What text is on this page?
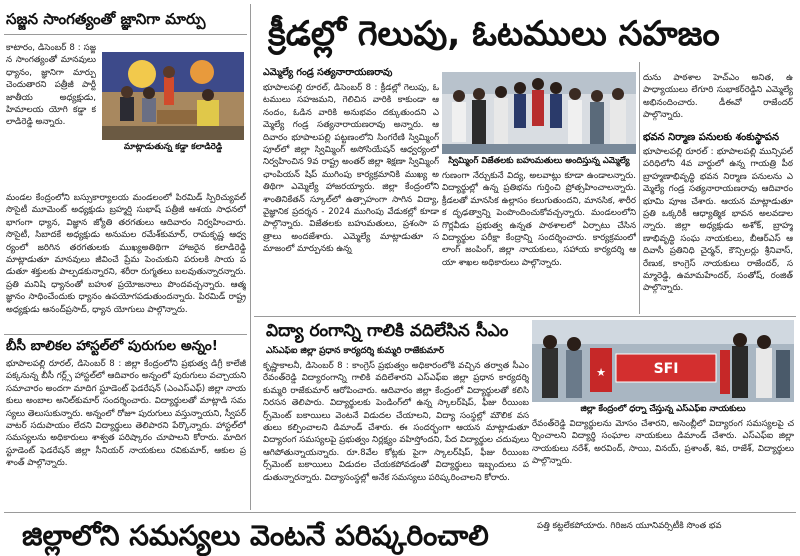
సజ్జన సాంగత్యంతో జ్ఞానిగా మార్పు
కాటారం, డిసెంబర్ 8 : సజ్జన సాంగత్యంతో మానవులు ధ్యానం, జ్ఞానిగా మార్పు చెందుతారని పత్రీజీ పార్టీ జాతీయ అధ్యక్షుడు, హిమాలయ యోగి కడ్డా కలాడిరెడ్డి అన్నారు.
మాట్లాడుతున్న కడ్డా కలాడిరెడ్డి
మండల కేంద్రంలోని బస్సుకార్యాలయ మండలంలో పిరమిడ్ స్పిరిచ్యువల్ సొసైటీ మూమెంట్ అధ్యక్షుడు బ్రహ్మర్షి సుభాష్ పత్రీజీ ఆశయ సాధనలో భాగంగా ధ్యాన, విజ్ఞాన జ్యోతి తరగతులు ఆదివారం నిర్వహించారు. సొసైటీ, సిబాదకే అధ్యక్షుడు అనుమల రమేశ్‌కుమార్, రామకృష్ణ ఆధ్వర్యంలో జరిగిన తరగతులకు ముఖ్యఅతిథిగా హాజరైన కలాడిరెడ్డి మాట్లాడుతూ మానవులు జీవించే ప్రేమ పెంచుకుని పరులకి సాయ పడుతూ శక్తులకు పాల్పడకున్నారని, శరీరా రుగ్మతలు బలవుతున్నారన్నారు. ప్రతి మనిషి ధ్యానంతో బహుళ ప్రయోజనాలు పొందవచ్చన్నారు. ఆత్మజ్ఞానం సాధించేందుకు ధ్యానం ఉపయోగపడుతుందన్నారు. పిరమిడ్ రాష్ట్ర అధ్యక్షుడు ఆనంద్‌ప్రసాద్, ధ్యాన యోగులు పాల్గొన్నారు.
బీసీ బాలికల హాస్టల్‌లో పురుగుల అన్నం!
భూపాలపల్లి రూరల్, డిసెంబర్ 8 : జిల్లా కేంద్రంలోని ప్రభుత్వ డిగ్రీ కాలేజీ పక్కనున్న బీసీ గర్ల్స్ హాస్టల్‌లో ఆదివారం అన్నంలో పురుగులు వచ్చాయని సమాచారం అందగా మాదిగ స్టూడెంట్ ఫెడరేషన్ (ఎంఎస్‌ఎఫ్) జిల్లా నాయకులు అంబాల అనిల్‌కుమార్ సందర్శించారు. విద్యార్థులతో మాట్లాడి సమస్యలు తెలుసుకున్నారు. అన్నంలో రోజూ పురుగులు వస్తున్నాయని, స్వీపర్ వాటర్ సదుపాయం లేదని విద్యార్థులు తెలిపారని పేర్కొన్నారు. హాస్టల్‌లో సమస్యలను అధికారులు శాశ్వత పరిష్కారం చూపాలని కోరారు. మాదిగ స్టూడెంట్ ఫెడరేషన్ జిల్లా సీనియర్ నాయకులు రవికుమార్, ఆకుల ప్రశాంత్ పాల్గొన్నారు.
క్రీడల్లో గెలుపు, ఓటములు సహజం
ఎమ్మెల్యే గండ్ర సత్యనారాయణరావు
భూపాలపల్లి రూరల్, డిసెంబర్ 8 : క్రీడల్లో గెలుపు, ఓటములు సహజమని, గెలిచిన వారికి కాకుండా ఆనందం, ఓడిన వారికి అనుభవం దక్కుతుందని ఎమ్మెల్యే గండ్ర సత్యనారాయణరావు అన్నారు. ఆదివారం భూపాలపల్లి పట్టణంలోని సింగరేణి స్విమ్మింగ్ పూల్‌లో జిల్లా స్విమ్మింగ్ అసోసియేషన్ ఆధ్వర్యంలో నిర్వహించిన 9వ రాష్ట్ర అంతర్ జిల్లా శిక్షణా స్విమ్మింగ్ ఛాంపియన్ షిప్ ముగింపు కార్యక్రమానికి ముఖ్య అతిథిగా ఎమ్మెల్యే హాజరయ్యారు. జిల్లా కేంద్రంలోని శాంతినికేతన్ స్కూల్‌లో ఉత్సాహంగా సాగిన విద్యా, వైజ్ఞానిక ప్రదర్శన - 2024 ముగింపు వేడుకల్లో కూడా పాల్గొన్నారు. విజేతలకు బహుమతులు, ప్రశంసా పత్రాలు అందజేశారు. ఎమ్మెల్యే మాట్లాడుతూ సమాజంలో మార్పునకు ఉన్న
స్విమ్మింగ్ విజేతలకు బహుమతులు అందిస్తున్న ఎమ్మెల్యే
గుణంగా నేర్చుకునే విద్య, అలవాట్లు కూడా ఉండాలన్నారు. విద్యార్థుల్లో ఉన్న ప్రతిభను గుర్తించి ప్రోత్సహించాలన్నారు. క్రీడలతో మానసిక ఉల్లాసం కలుగుతుందని, మానసిక, శారీరక దృఢత్వాన్ని పెంపొందించుకోవచ్చన్నారు. మండలంలోని గొర్లవీడు ప్రభుత్వ ఉన్నత పాఠశాలలో ఏర్పాటు చేసిన విద్యార్థుల పరీక్షా కేంద్రాన్ని సందర్శించారు. కార్యక్రమంలో లాంగ్ జంపింగ్, జిల్లా నాయకులు, సహాయ కార్యదర్శి ఆయా శాఖల అధికారులు పాల్గొన్నారు.
దును పాఠశాల హెచ్ఎం అనిత, ఉపాధ్యాయులు లేగూరి సుభాకర్‌రెడ్డిని ఎమ్మెల్యే అభినందించారు. డీఈవో రాజేందర్ పాల్గొన్నారు.
భవన నిర్మాణ పనులకు శంకుస్థాపన
భూపాలపల్లి రూరల్ : భూపాలపల్లి మున్సిపల్ పరిధిలోని 4వ వార్డులో ఉన్న గాయత్రి పీఠ బ్రాహ్మణాభివృద్ధి భవన నిర్మాణ పనులను ఎమ్మెల్యే గండ్ర సత్యనారాయణరావు ఆదివారం భూమి పూజ చేశారు. ఆయన మాట్లాడుతూ ప్రతి ఒక్కరికీ ఆధ్యాత్మిక భావన అలవడాలన్నారు. జిల్లా అధ్యక్షుడు అశోక్, బ్రాహ్మణాభివృద్ధి సంఘ నాయకులు, బీఆర్ఎస్ ఆదివాసీ ప్రతినిధి చైర్మన్, కౌన్సిలర్లు శ్రీనివాస్, రేణుక, కాంగ్రెస్ నాయకులు రాజేందర్, సమ్మారెడ్డి, ఉమామహేందర్, సంతోష్, రంజిత్ పాల్గొన్నారు.
విద్యా రంగాన్ని గాలికి వదిలేసిన సీఎం
ఎస్ఎఫ్ఐ జిల్లా ప్రధాన కార్యదర్శి కుమ్మరి రాజేకుమార్
కృష్ణాకాలనీ, డిసెంబర్ 8 : కాంగ్రెస్ ప్రభుత్వం అధికారంలోకి వచ్చిన తర్వాత సీఎం రేవంత్‌రెడ్డి విద్యారంగాన్ని గాలికి వదిలేశారని ఎస్ఎఫ్ఐ జిల్లా ప్రధాన కార్యదర్శి కుమ్మరి రాజేకుమార్ ఆరోపించారు. ఆదివారం జిల్లా కేంద్రంలో విద్యార్థులతో కలిసి నిరసన తెలిపారు. విద్యార్థులకు పెండింగ్‌లో ఉన్న స్కాలర్‌షిప్, ఫీజు రీయింబర్స్‌మెంట్ బకాయిలు వెంటనే విడుదల చేయాలని, విద్యా సంస్థల్లో మౌలిక వసతులు కల్పించాలని డిమాండ్ చేశారు. ఈ సందర్భంగా ఆయన మాట్లాడుతూ విద్యారంగ సమస్యలపై ప్రభుత్వం నిర్లక్ష్యం వహిస్తోందని, పేద విద్యార్థుల చదువులు ఆగిపోతున్నాయన్నారు. రూ.8వేల కోట్లకు పైగా స్కాలర్‌షిప్, ఫీజు రీయింబర్స్‌మెంట్ బకాయిలు విడుదల చేయకపోవడంతో విద్యార్థులు ఇబ్బందులు పడుతున్నారన్నారు. విద్యాసంస్థల్లో అనేక సమస్యలు పరిష్కరించాలని కోరారు.
SFI
★
జిల్లా కేంద్రంలో ధర్నా చేస్తున్న ఎస్ఎఫ్ఐ నాయకులు
రేవంత్‌రెడ్డి విద్యార్థులను మోసం చేశారని, అసెంబ్లీలో విద్యారంగ సమస్యలపై చర్చించాలని విద్యార్థి సంఘాల నాయకులు డిమాండ్ చేశారు. ఎస్ఎఫ్ఐ జిల్లా నాయకులు నరేశ్, అరవింద్, సాయి, వినయ్, ప్రశాంత్, శివ, రాజేశ్, విద్యార్థులు పాల్గొన్నారు.
జిల్లాలోని సమస్యలు వెంటనే పరిష్కరించాలి	పత్తి కట్టలేకపోయారు. గిరిజన యూనివర్సిటీకి సొంత భవ
